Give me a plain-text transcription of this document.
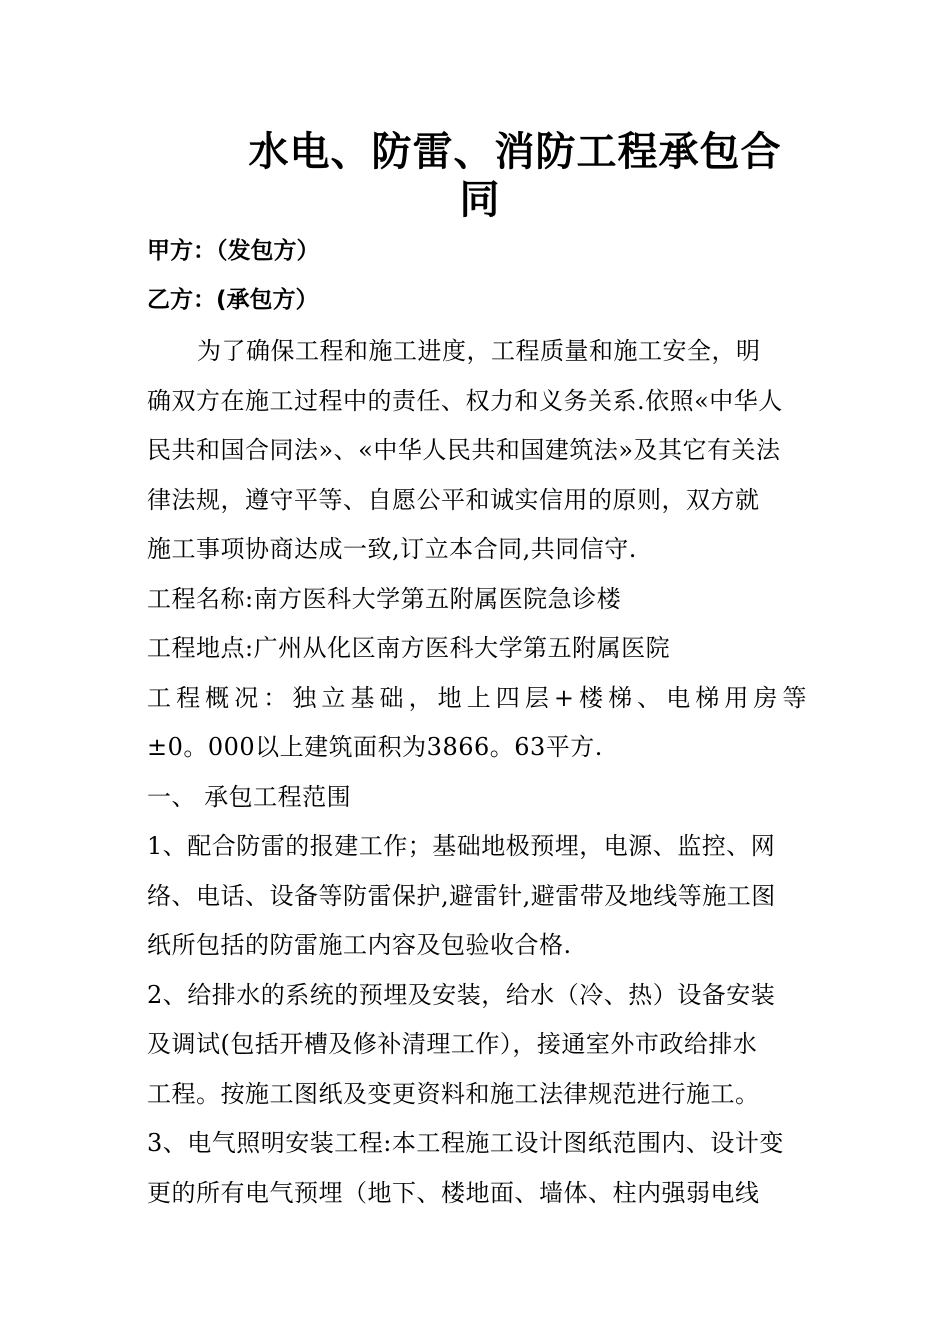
水电、防雷、消防工程承包合
同
甲方：（发包方）
乙方：(承包方）
为了确保工程和施工进度，工程质量和施工安全，明
确双方在施工过程中的责任、权力和义务关系.依照«中华人
民共和国合同法»、«中华人民共和国建筑法»及其它有关法
律法规，遵守平等、自愿公平和诚实信用的原则，双方就
施工事项协商达成一致,订立本合同,共同信守.
工程名称:南方医科大学第五附属医院急诊楼
工程地点:广州从化区南方医科大学第五附属医院
工程概况：独立基础，地上四层+楼梯、电梯用房等
±0。000以上建筑面积为3866。63平方.
一、 承包工程范围
1、配合防雷的报建工作；基础地极预埋，电源、监控、网
络、电话、设备等防雷保护,避雷针,避雷带及地线等施工图
纸所包括的防雷施工内容及包验收合格.
2、给排水的系统的预埋及安装，给水（冷、热）设备安装
及调试(包括开槽及修补清理工作），接通室外市政给排水
工程。按施工图纸及变更资料和施工法律规范进行施工。
3、电气照明安装工程:本工程施工设计图纸范围内、设计变
更的所有电气预埋（地下、楼地面、墙体、柱内强弱电线
